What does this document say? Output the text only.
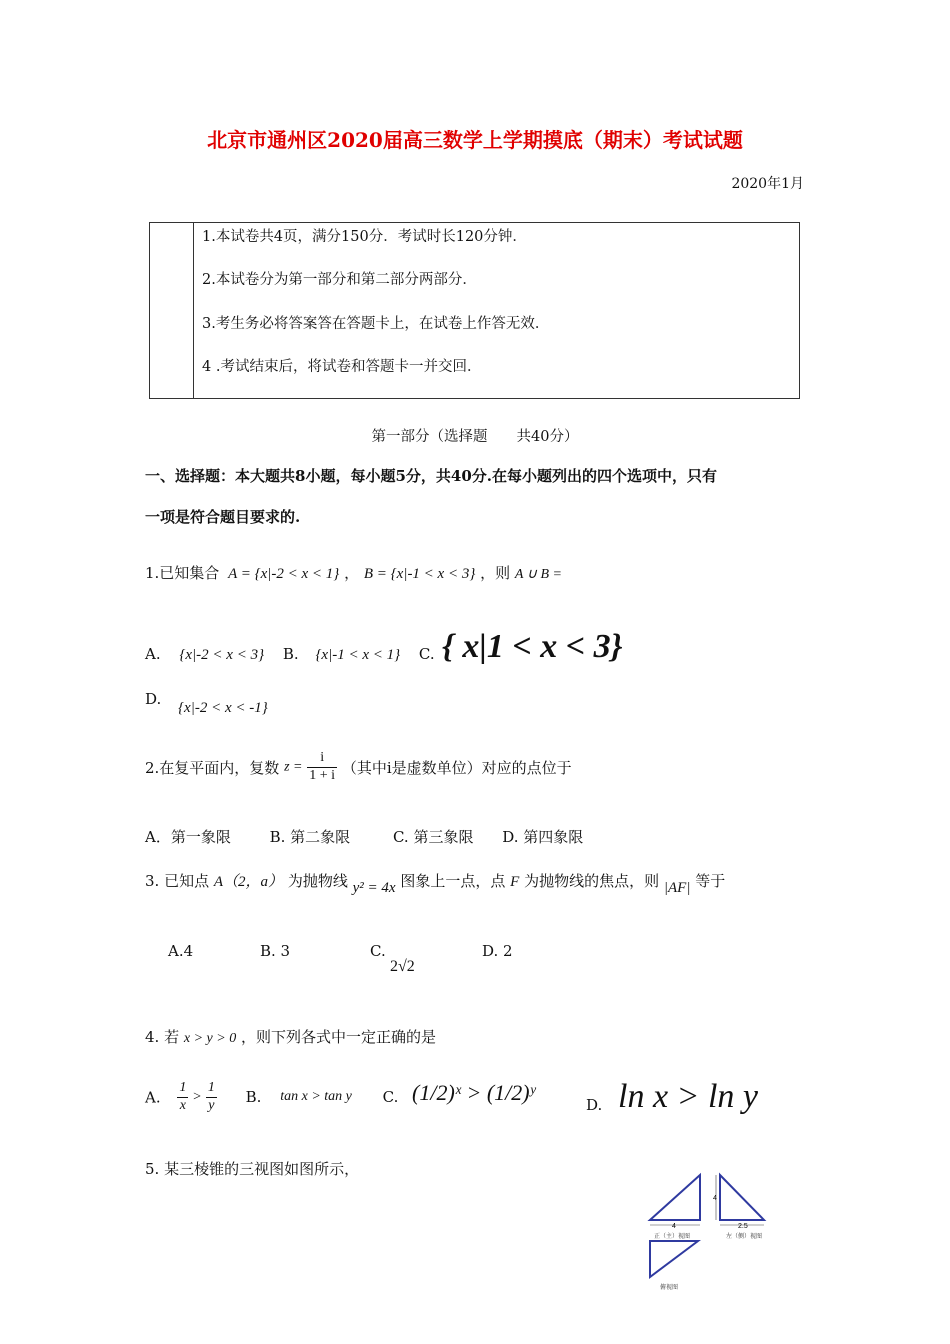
北京市通州区2020届高三数学上学期摸底（期末）考试试题
2020年1月
1.本试卷共4页，满分150分．考试时长120分钟．
2.本试卷分为第一部分和第二部分两部分．
3.考生务必将答案答在答题卡上，在试卷上作答无效．
4 .考试结束后，将试卷和答题卡一并交回．
第一部分（选择题　　共40分）
一、选择题：本大题共8小题，每小题5分，共40分.在每小题列出的四个选项中，只有
一项是符合题目要求的.
1.已知集合 A = {x|-2 < x < 1} ， B = {x|-1 < x < 3} ，则 A ∪ B =
A. {x|-2 < x < 3} B. {x|-1 < x < 1} C. { x|1 < x < 3}
D. {x|-2 < x < -1}
2.在复平面内，复数 $z = \frac{i}{1 + i}$ （其中i是虚数单位）对应的点位于
A．第一象限	B. 第二象限	C. 第三象限 D. 第四象限
3. 已知点 A（2，a） 为抛物线 y² = 4x 图象上一点，点 F 为抛物线的焦点，则 |AF| 等于
A.4	B. 3	C.
2√2
D. 2
4. 若 x > y > 0 ，则下列各式中一定正确的是
A. $\frac{1}{x} > \frac{1}{y} B$. tan x > tan y C. (1/2)ˣ > (1/2)ʸ	D. ln x > ln y
5. 某三棱锥的三视图如图所示，
4
正（主）视图
4
2.5
左（侧）视图
俯视图
